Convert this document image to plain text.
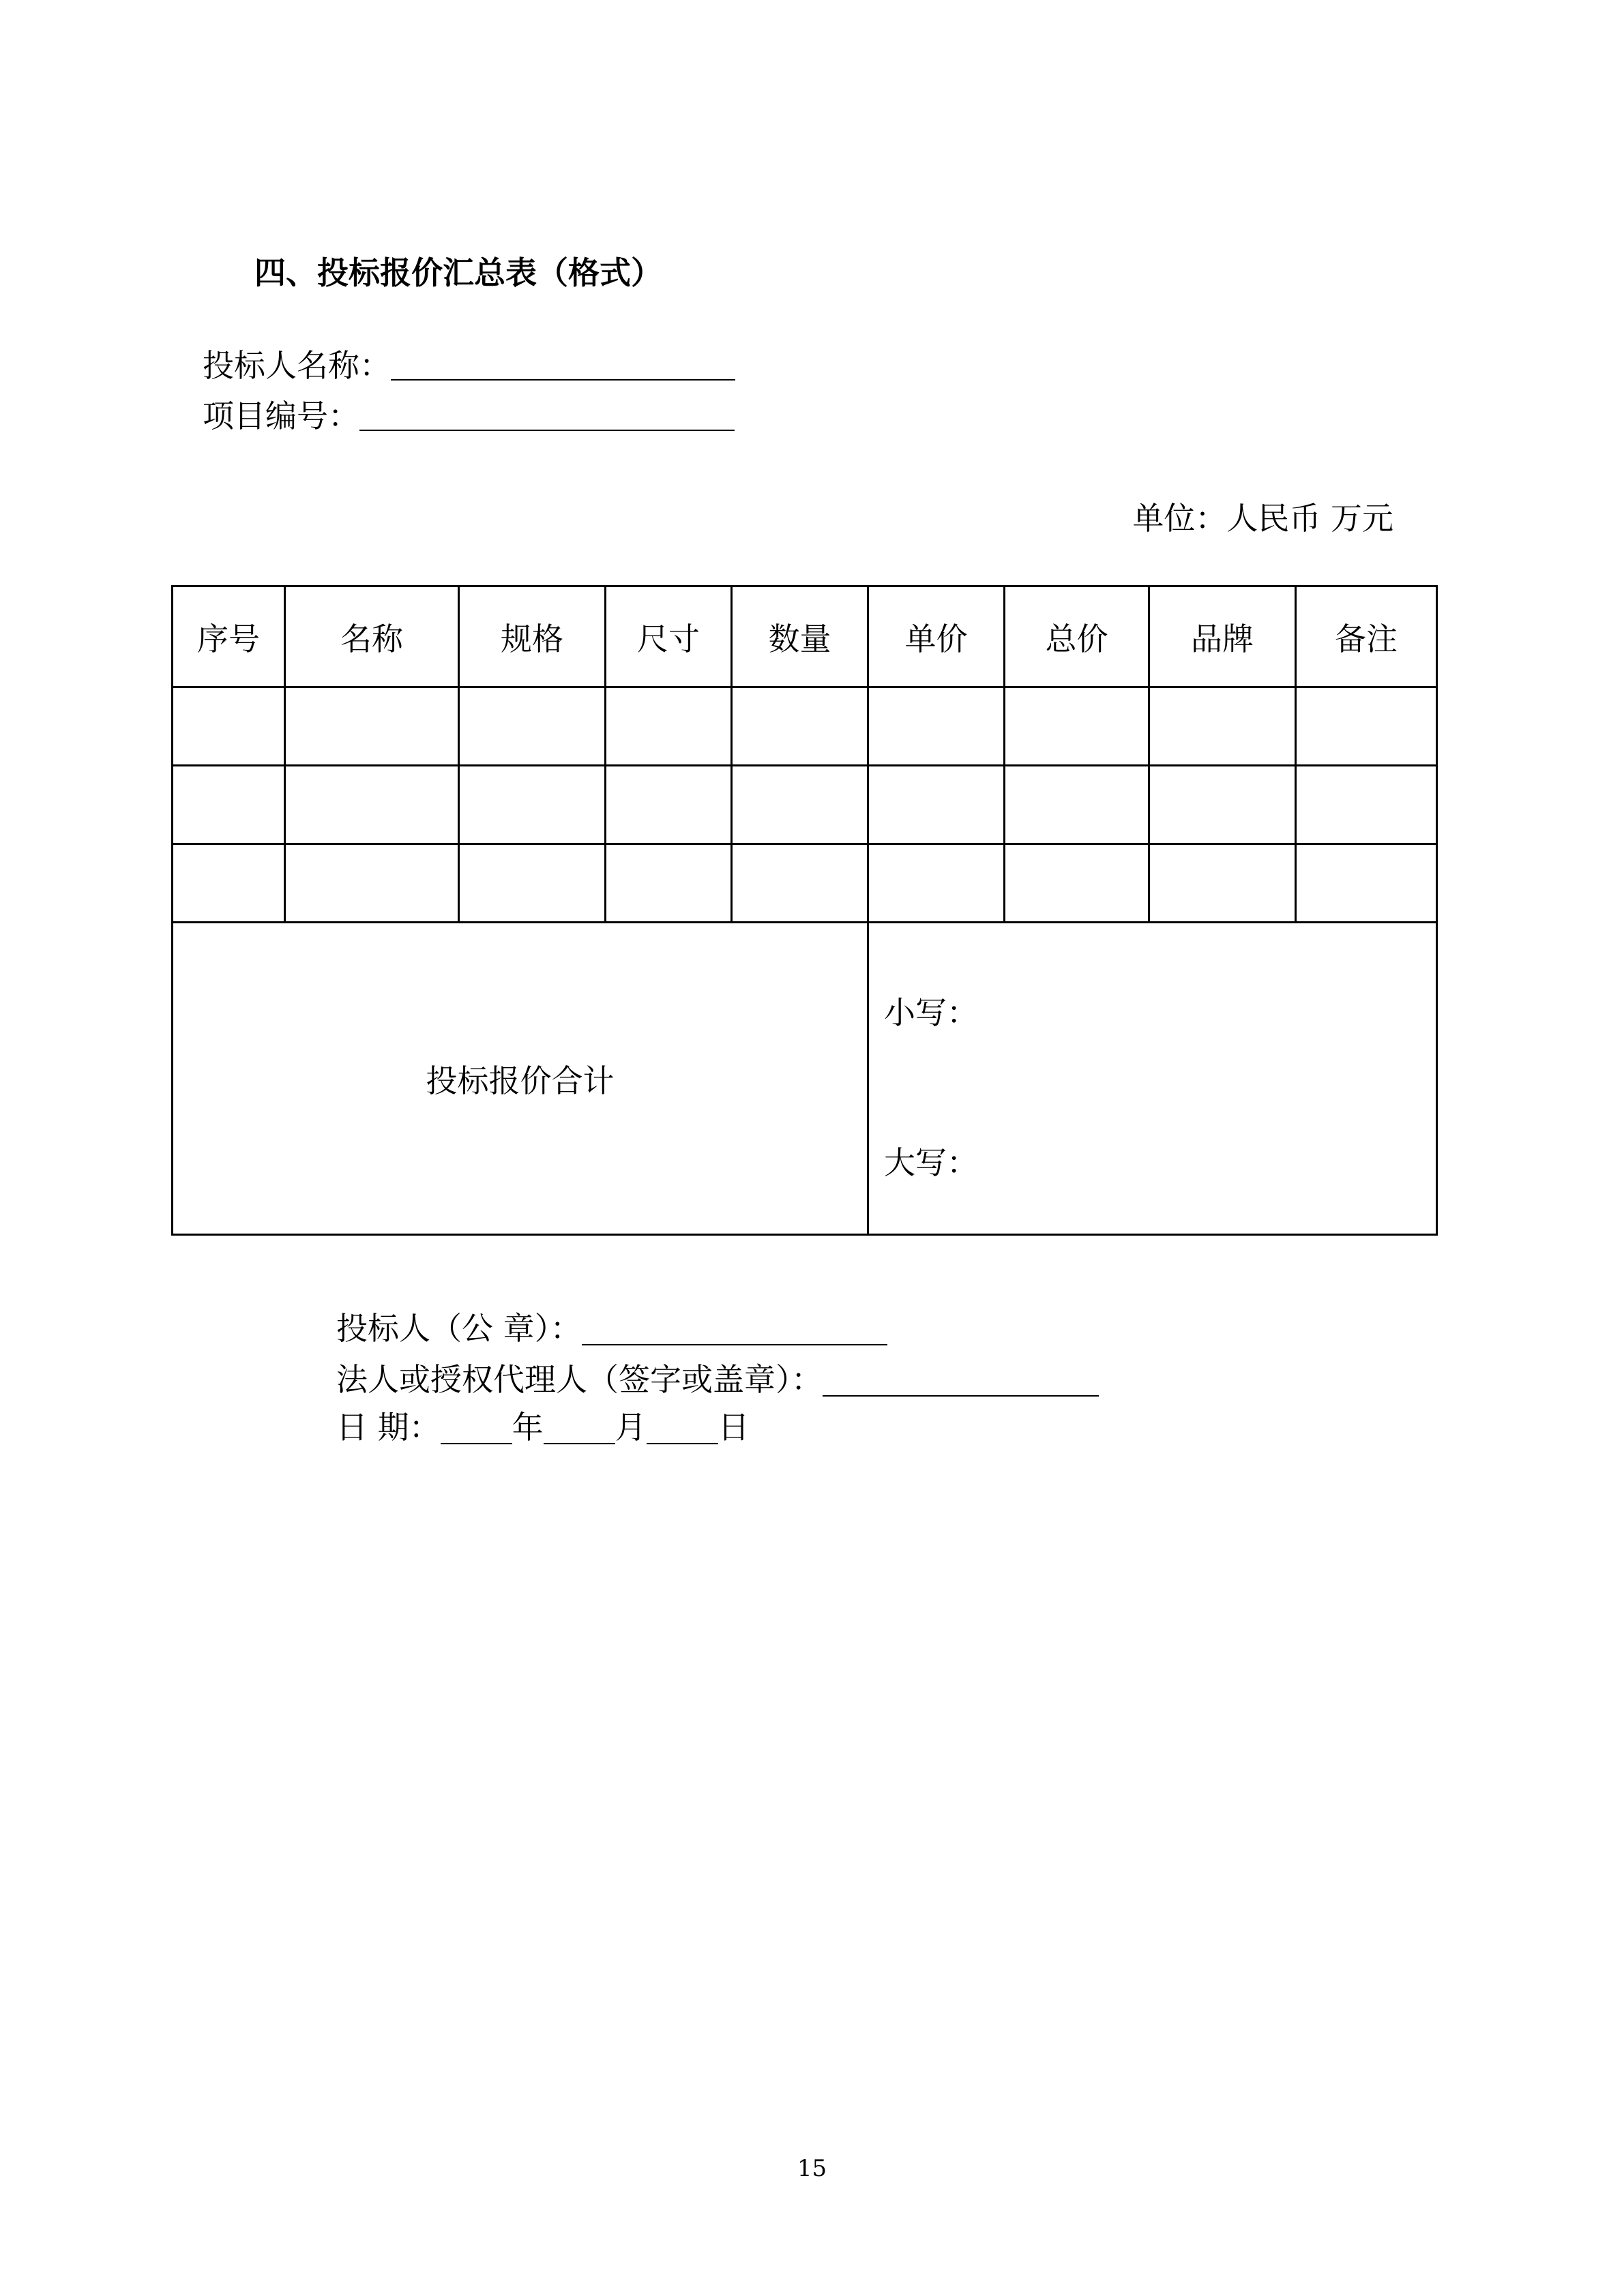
四、投标报价汇总表（格式）
投标人名称：
项目编号：
单位：人民币 万元
序号	名称	规格	尺寸	数量	单价	总价	品牌	备注

投标报价合计					小写：
大写：			
投标人（公 章）：
法人或授权代理人（签字或盖章）：
日 期： 年 月 日
15
